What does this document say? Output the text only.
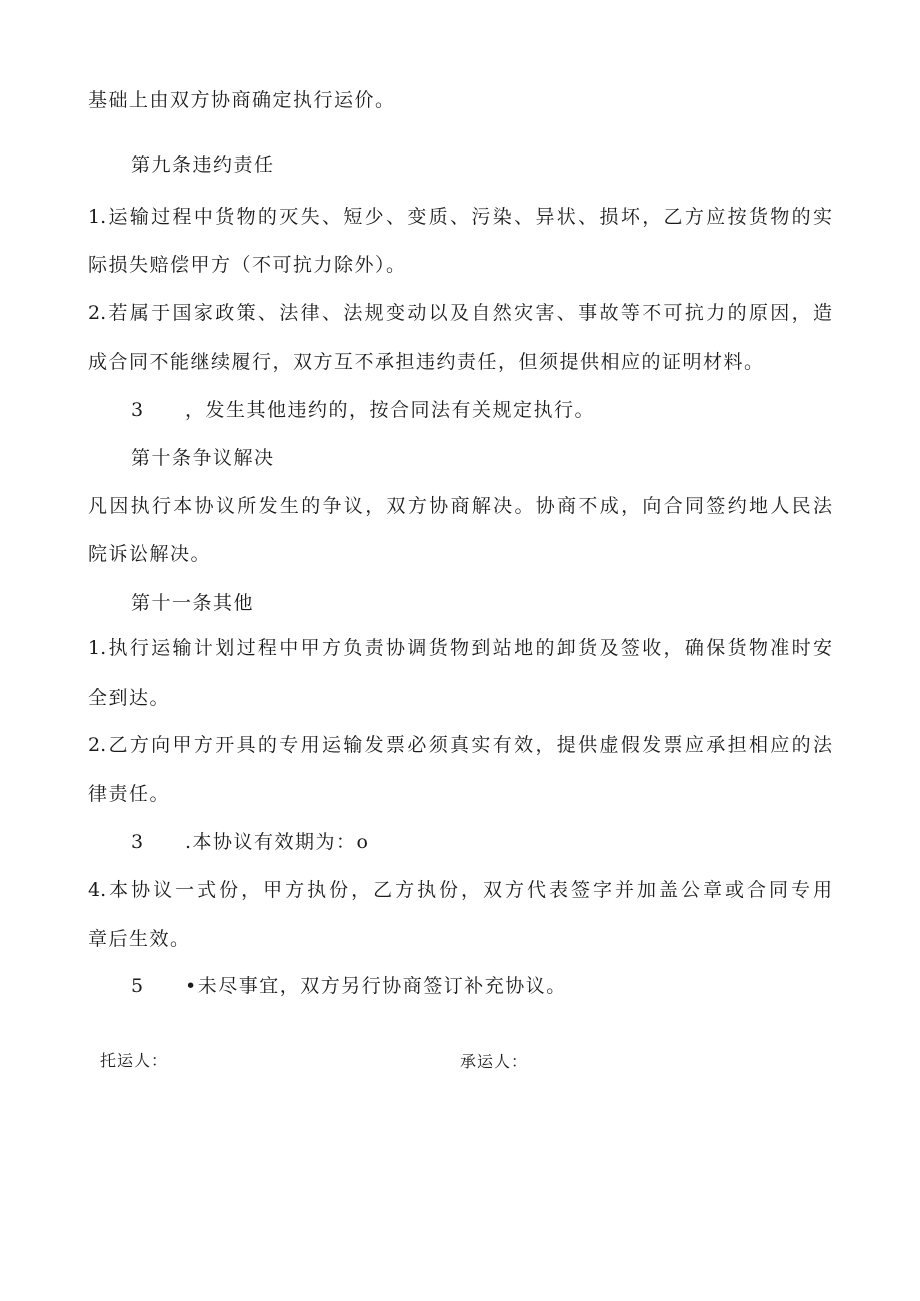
基础上由双方协商确定执行运价。
第九条违约责任
1.运输过程中货物的灭失、短少、变质、污染、异状、损坏，乙方应按货物的实
际损失赔偿甲方（不可抗力除外）。
2.若属于国家政策、法律、法规变动以及自然灾害、事故等不可抗力的原因，造
成合同不能继续履行，双方互不承担违约责任，但须提供相应的证明材料。
3 ，发生其他违约的，按合同法有关规定执行。
第十条争议解决
凡因执行本协议所发生的争议，双方协商解决。协商不成，向合同签约地人民法
院诉讼解决。
第十一条其他
1.执行运输计划过程中甲方负责协调货物到站地的卸货及签收，确保货物准时安
全到达。
2.乙方向甲方开具的专用运输发票必须真实有效，提供虚假发票应承担相应的法
律责任。
3 .本协议有效期为：o
4.本协议一式份，甲方执份，乙方执份，双方代表签字并加盖公章或合同专用
章后生效。
5 •未尽事宜，双方另行协商签订补充协议。
托运人：	承运人：
